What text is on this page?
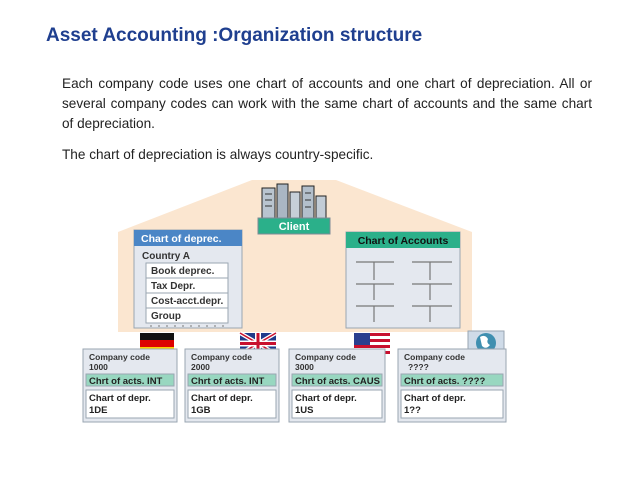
Asset Accounting :Organization structure
Each company code uses one chart of accounts and one chart of depreciation. All or several company codes can work with the same chart of accounts and the same chart of depreciation.
The chart of depreciation is always country-specific.
Client
Chart of deprec.
Country A
Book deprec.
Tax Depr.
Cost-acct.depr.
Group
Chart of Accounts
Company code
1000
Chrt of acts. INT
Chart of depr.
1DE
Company code
2000
Chrt of acts. INT
Chart of depr.
1GB
Company code
3000
Chrt of acts. CAUS
Chart of depr.
1US
Company code
????
Chrt of acts. ????
Chart of depr.
1??
